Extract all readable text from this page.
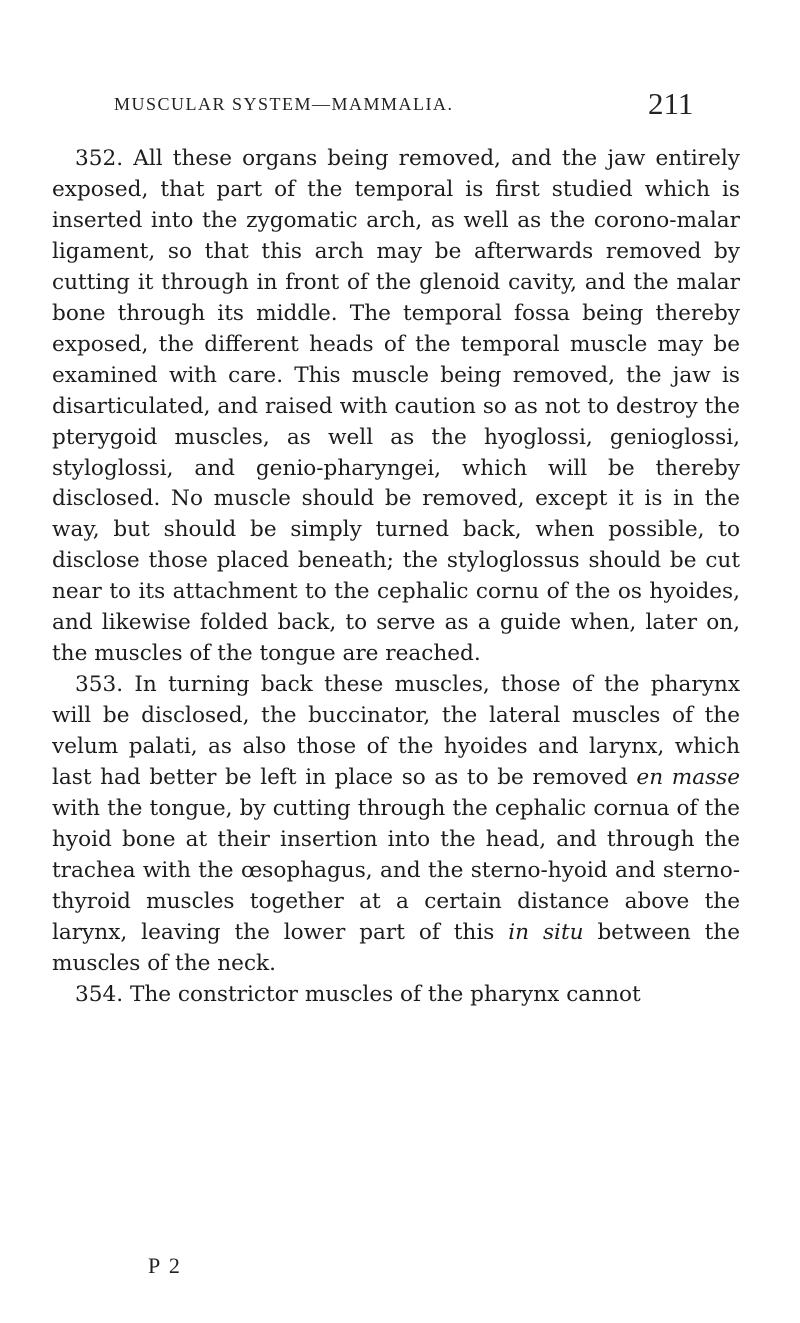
MUSCULAR SYSTEM—MAMMALIA.	211

352. All these organs being removed, and the jaw entirely exposed, that part of the temporal is first studied which is inserted into the zygomatic arch, as well as the corono-malar ligament, so that this arch may be afterwards removed by cutting it through in front of the glenoid cavity, and the malar bone through its middle. The temporal fossa being thereby exposed, the different heads of the temporal muscle may be examined with care. This muscle being removed, the jaw is disarticulated, and raised with caution so as not to destroy the pterygoid muscles, as well as the hyoglossi, genioglossi, styloglossi, and genio-pharyngei, which will be thereby disclosed. No muscle should be removed, except it is in the way, but should be simply turned back, when possible, to disclose those placed beneath; the styloglossus should be cut near to its attachment to the cephalic cornu of the os hyoides, and likewise folded back, to serve as a guide when, later on, the muscles of the tongue are reached.

353. In turning back these muscles, those of the pharynx will be disclosed, the buccinator, the lateral muscles of the velum palati, as also those of the hyoides and larynx, which last had better be left in place so as to be removed en masse with the tongue, by cutting through the cephalic cornua of the hyoid bone at their insertion into the head, and through the trachea with the œsophagus, and the sterno-hyoid and sterno-thyroid muscles together at a certain distance above the larynx, leaving the lower part of this in situ between the muscles of the neck.

354. The constrictor muscles of the pharynx cannot

P 2
